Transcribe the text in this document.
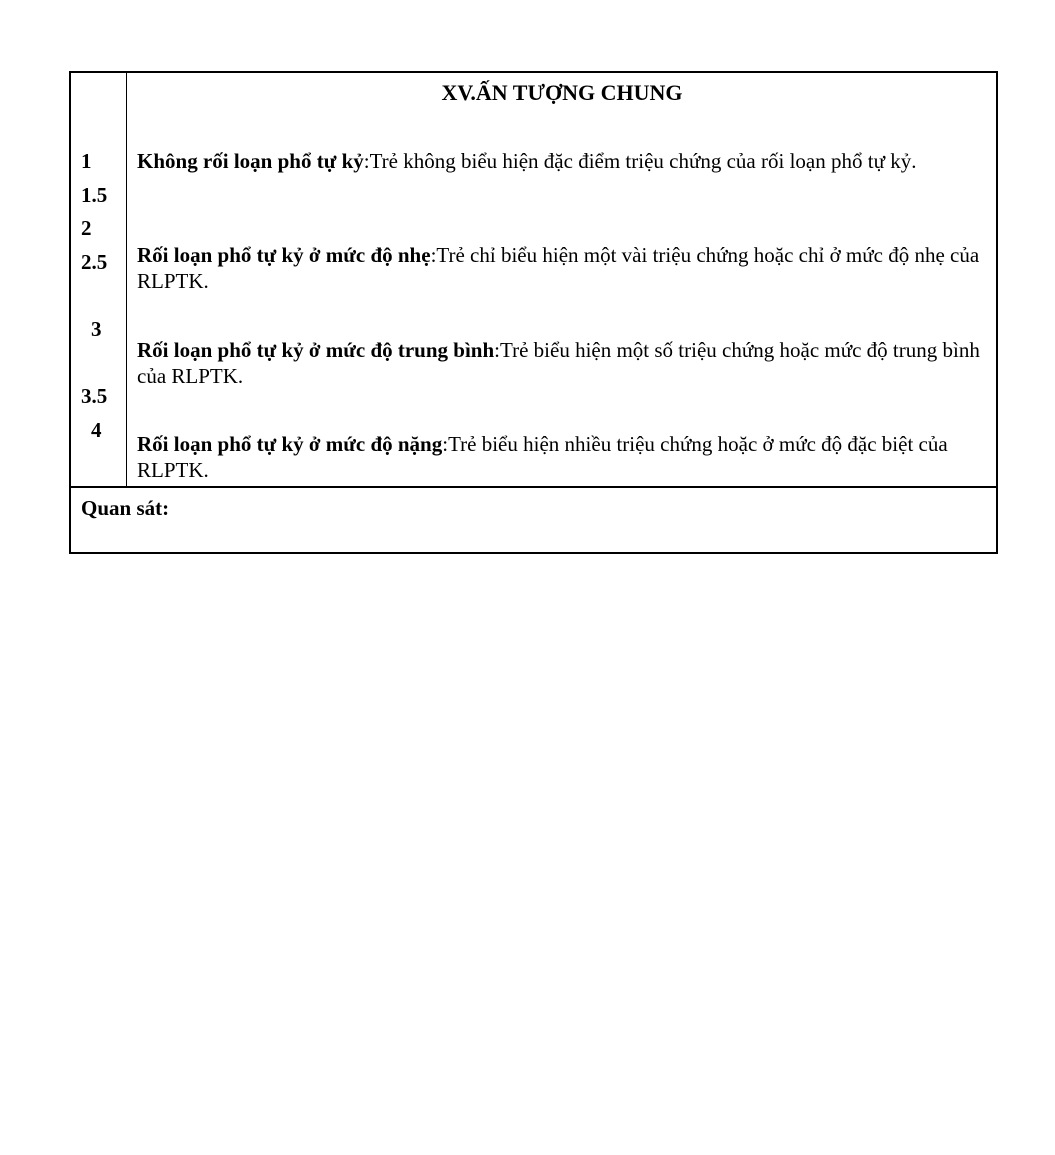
XV.ẤN TƯỢNG CHUNG
1
1.5
2
2.5
3
3.5
4
Không rối loạn phổ tự kỷ:Trẻ không biểu hiện đặc điểm triệu chứng của rối loạn phổ tự kỷ.
Rối loạn phổ tự kỷ ở mức độ nhẹ:Trẻ chỉ biểu hiện một vài triệu chứng hoặc chỉ ở mức độ nhẹ của RLPTK.
Rối loạn phổ tự kỷ ở mức độ trung bình:Trẻ biểu hiện một số triệu chứng hoặc mức độ trung bình của RLPTK.
Rối loạn phổ tự kỷ ở mức độ nặng:Trẻ biểu hiện nhiều triệu chứng hoặc ở mức độ đặc biệt của RLPTK.
Quan sát:
